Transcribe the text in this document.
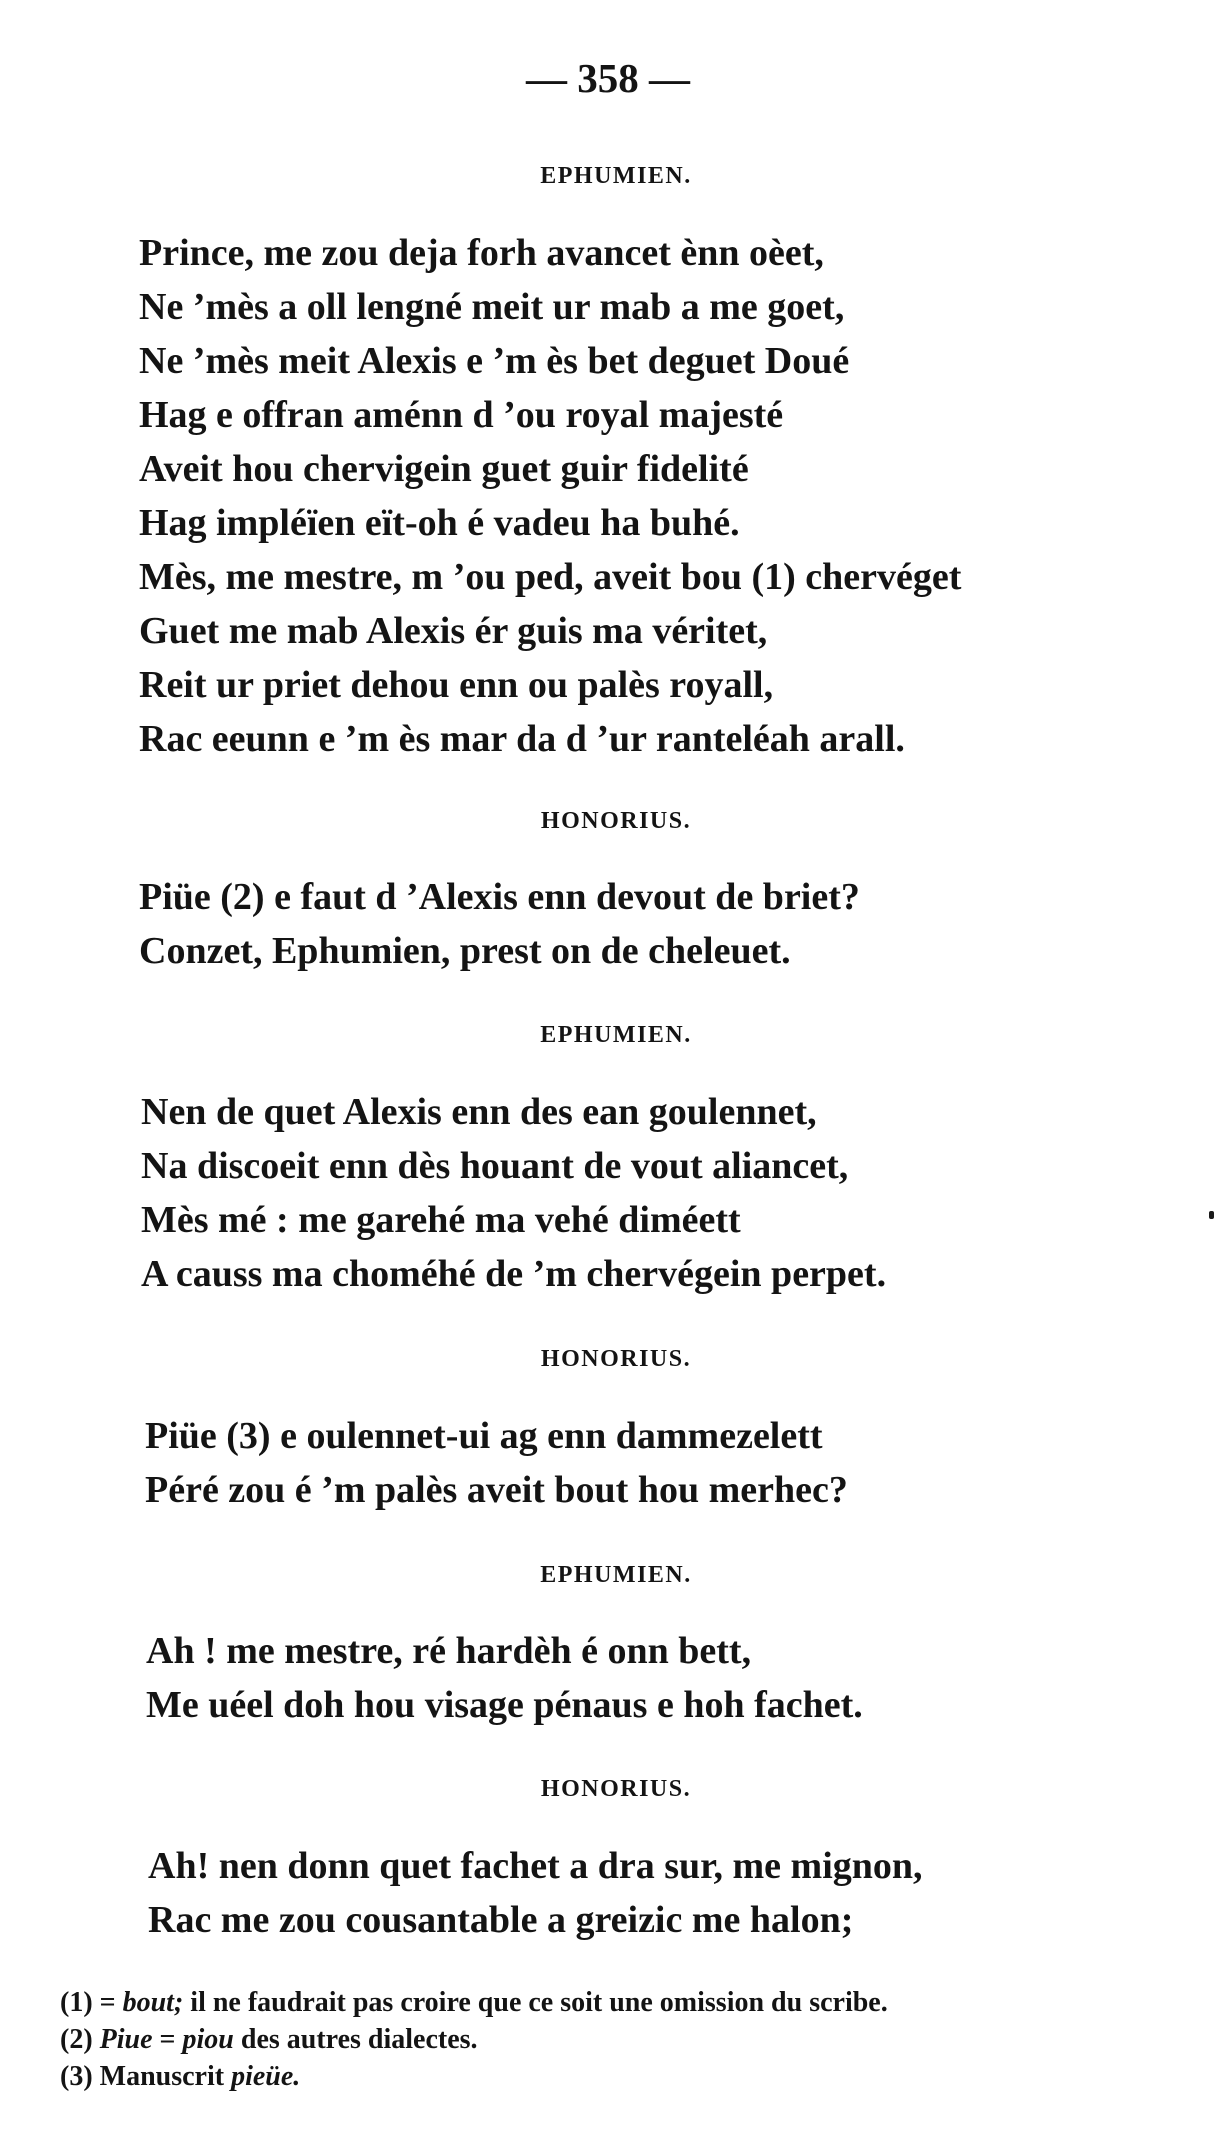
— 358 —
EPHUMIEN.
Prince, me zou deja forh avancet ènn oèet,
Ne ’mès a oll lengné meit ur mab a me goet,
Ne ’mès meit Alexis e ’m ès bet deguet Doué
Hag e offran aménn d ’ou royal majesté
Aveit hou chervigein guet guir fidelité
Hag impléïen eït-oh é vadeu ha buhé.
Mès, me mestre, m ’ou ped, aveit bou (1) chervéget
Guet me mab Alexis ér guis ma véritet,
Reit ur priet dehou enn ou palès royall,
Rac eeunn e ’m ès mar da d ’ur ranteléah arall.
HONORIUS.
Piüe (2) e faut d ’Alexis enn devout de briet?
Conzet, Ephumien, prest on de cheleuet.
EPHUMIEN.
Nen de quet Alexis enn des ean goulennet,
Na discoeit enn dès houant de vout aliancet,
Mès mé : me garehé ma vehé diméett
A causs ma choméhé de ’m chervégein perpet.
HONORIUS.
Piüe (3) e oulennet-ui ag enn dammezelett
Péré zou é ’m palès aveit bout hou merhec?
EPHUMIEN.
Ah ! me mestre, ré hardèh é onn bett,
Me uéel doh hou visage pénaus e hoh fachet.
HONORIUS.
Ah! nen donn quet fachet a dra sur, me mignon,
Rac me zou cousantable a greizic me halon;
(1) = bout; il ne faudrait pas croire que ce soit une omission du scribe.
(2) Piue = piou des autres dialectes.
(3) Manuscrit pieüe.
